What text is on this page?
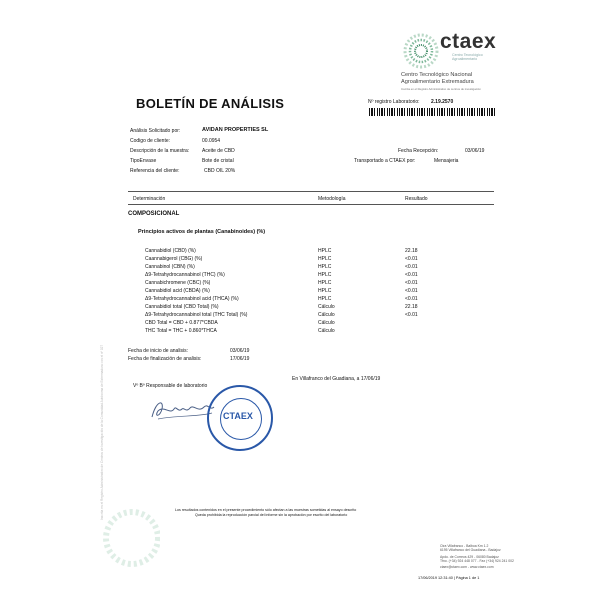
ctaex
Centro Tecnológico
Agroalimentario
Centro Tecnológico Nacional
Agroalimentario Extremadura
Inscrita en el Registro Administrativo de centros de investigación
BOLETÍN DE ANÁLISIS	Nº registro Laboratorio: 2.19.2570
Análisis Solicitado por:	AVIDAN PROPERTIES SL
Codigo de cliente:	00.0954
Descripción de la muestra:	Aceite de CBD	Fecha Recepción:	03/06/19
TipoEnvase	Bote de cristal	Transportado a CTAEX por:	Mensajeria
Referencia del cliente:	CBD OIL 20%
Determinación	Metodología	Resultado
COMPOSICIONAL
Principios activos de plantas (Canabinoides) (%)
Cannabidiol (CBD) (%)	HPLC	22.18
Caannabigerol (CBG) (%)	HPLC	<0.01
Cannabinol (CBN) (%)	HPLC	<0.01
Δ9-Tetrahydrocannabinol (THC) (%)	HPLC	<0.01
Cannabichromene (CBC) (%)	HPLC	<0.01
Cannabidiol acid (CBDA) (%)	HPLC	<0.01
Δ9-Tetrahydrocannabinol acid (THCA) (%)	HPLC	<0.01
Cannabidiol total (CBD Total) (%)	Cálculo	22.18
Δ9-Tetrahydrocannabinol total (THC Total) (%)	Cálculo	<0.01
CBD Total = CBD + 0.877*CBDA	Cálculo
THC Total = THC + 0.860*THCA	Cálculo
Fecha de inicio de analisis:	03/06/19
Fecha de finalización de analisis:	17/06/19
En Villafranco del Guadiana, a 17/06/19
Vº Bº Responsable de laboratorio
CTAEX
Inscrita en el Registro Administrativo de Centros de Investigación de la Comunidad Autónoma de Extremadura con el nº 027	Los resultados contenidos en el presente procedimiento sólo afectan a las muestras sometidas al ensayo descrito
Queda prohibida la reproducción parcial del informe sin la aprobación por escrito del laboratorio
Ctra Villafranco - Balboa Km 1.2
6195 Villafranco del Guadiana - Badajoz
Apdo. de Correos 429 - 06080 Badajoz
Tfno. (+34) 924 448 077 - Fax (+34) 924 241 002
ctaex@ctaex.com - www.ctaex.com
17/06/2019 12:31:40 | Página 1 de 1
